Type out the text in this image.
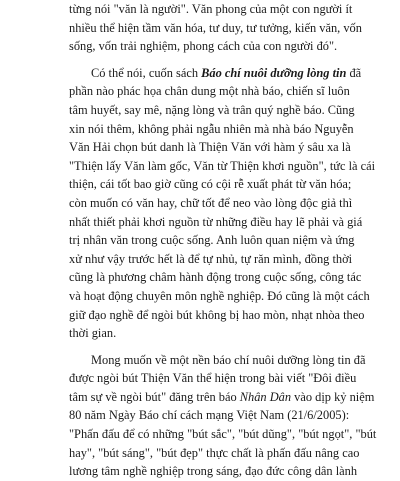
từng nói "văn là người". Văn phong của một con người ít
nhiều thể hiện tầm văn hóa, tư duy, tư tưởng, kiến văn, vốn
sống, vốn trải nghiệm, phong cách của con người đó".
Có thể nói, cuốn sách Báo chí nuôi dưỡng lòng tin đã
phần nào phác họa chân dung một nhà báo, chiến sĩ luôn
tâm huyết, say mê, nặng lòng và trân quý nghề báo. Cũng
xin nói thêm, không phải ngẫu nhiên mà nhà báo Nguyễn
Văn Hải chọn bút danh là Thiện Văn với hàm ý sâu xa là
"Thiện lấy Văn làm gốc, Văn từ Thiện khơi nguồn", tức là cái
thiện, cái tốt bao giờ cũng có cội rễ xuất phát từ văn hóa;
còn muốn có văn hay, chữ tốt để neo vào lòng độc giả thì
nhất thiết phải khơi nguồn từ những điều hay lẽ phải và giá
trị nhân văn trong cuộc sống. Anh luôn quan niệm và ứng
xử như vậy trước hết là để tự nhủ, tự răn mình, đồng thời
cũng là phương châm hành động trong cuộc sống, công tác
và hoạt động chuyên môn nghề nghiệp. Đó cũng là một cách
giữ đạo nghề để ngòi bút không bị hao mòn, nhạt nhòa theo
thời gian.
Mong muốn về một nền báo chí nuôi dưỡng lòng tin đã
được ngòi bút Thiện Văn thể hiện trong bài viết "Đôi điều
tâm sự về ngòi bút" đăng trên báo Nhân Dân vào dịp kỷ niệm
80 năm Ngày Báo chí cách mạng Việt Nam (21/6/2005):
"Phấn đấu để có những "bút sắc", "bút dũng", "bút ngọt", "bút
hay", "bút sáng", "bút đẹp" thực chất là phấn đấu nâng cao
lương tâm nghề nghiệp trong sáng, đạo đức công dân lành
